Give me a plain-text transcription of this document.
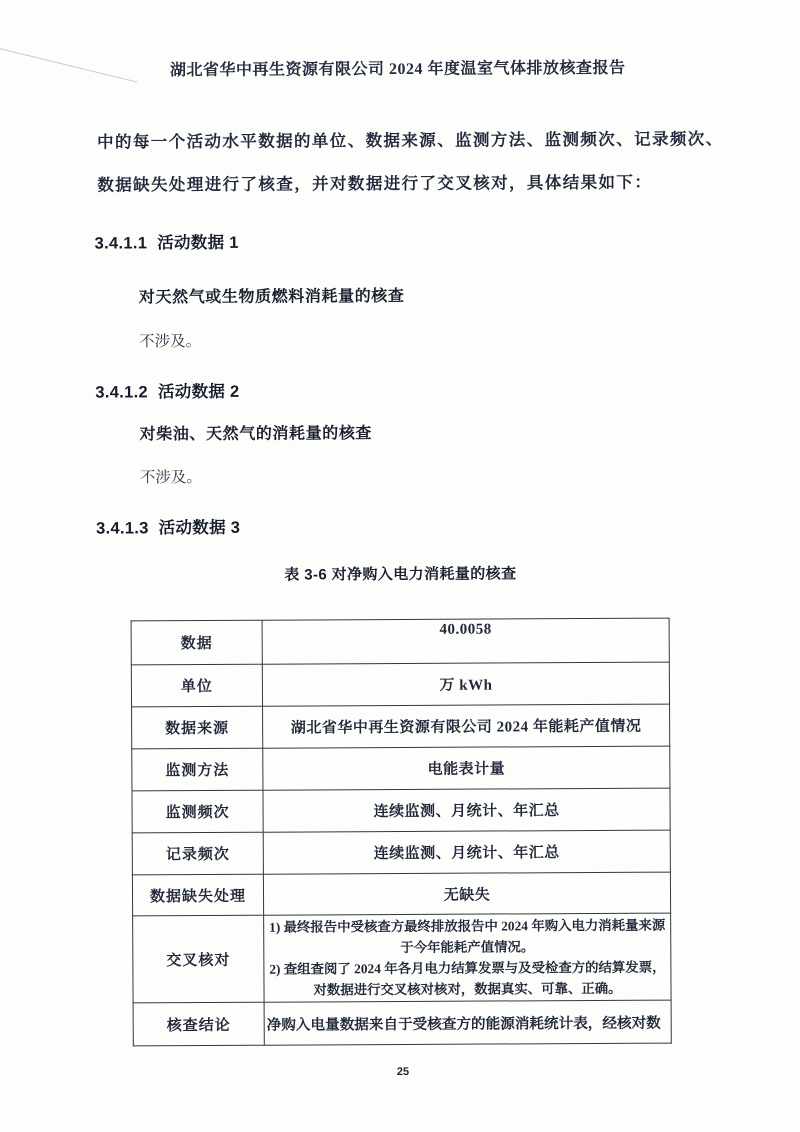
湖北省华中再生资源有限公司 2024 年度温室气体排放核查报告
中的每一个活动水平数据的单位、数据来源、监测方法、监测频次、记录频次、
数据缺失处理进行了核查，并对数据进行了交叉核对，具体结果如下：
3.4.1.1 活动数据 1
对天然气或生物质燃料消耗量的核查
不涉及。
3.4.1.2 活动数据 2
对柴油、天然气的消耗量的核查
不涉及。
3.4.1.3 活动数据 3
表 3-6 对净购入电力消耗量的核查
数据	40.0058
单位	万 kWh
数据来源	湖北省华中再生资源有限公司 2024 年能耗产值情况
监测方法	电能表计量
监测频次	连续监测、月统计、年汇总
记录频次	连续监测、月统计、年汇总
数据缺失处理	无缺失
交叉核对	1) 最终报告中受核查方最终排放报告中 2024 年购入电力消耗量来源于今年能耗产值情况。
2) 查组查阅了 2024 年各月电力结算发票与及受检查方的结算发票，对数据进行交叉核对核对，数据真实、可靠、正确。

核查结论	净购入电量数据来自于受核查方的能源消耗统计表，经核对数
25
